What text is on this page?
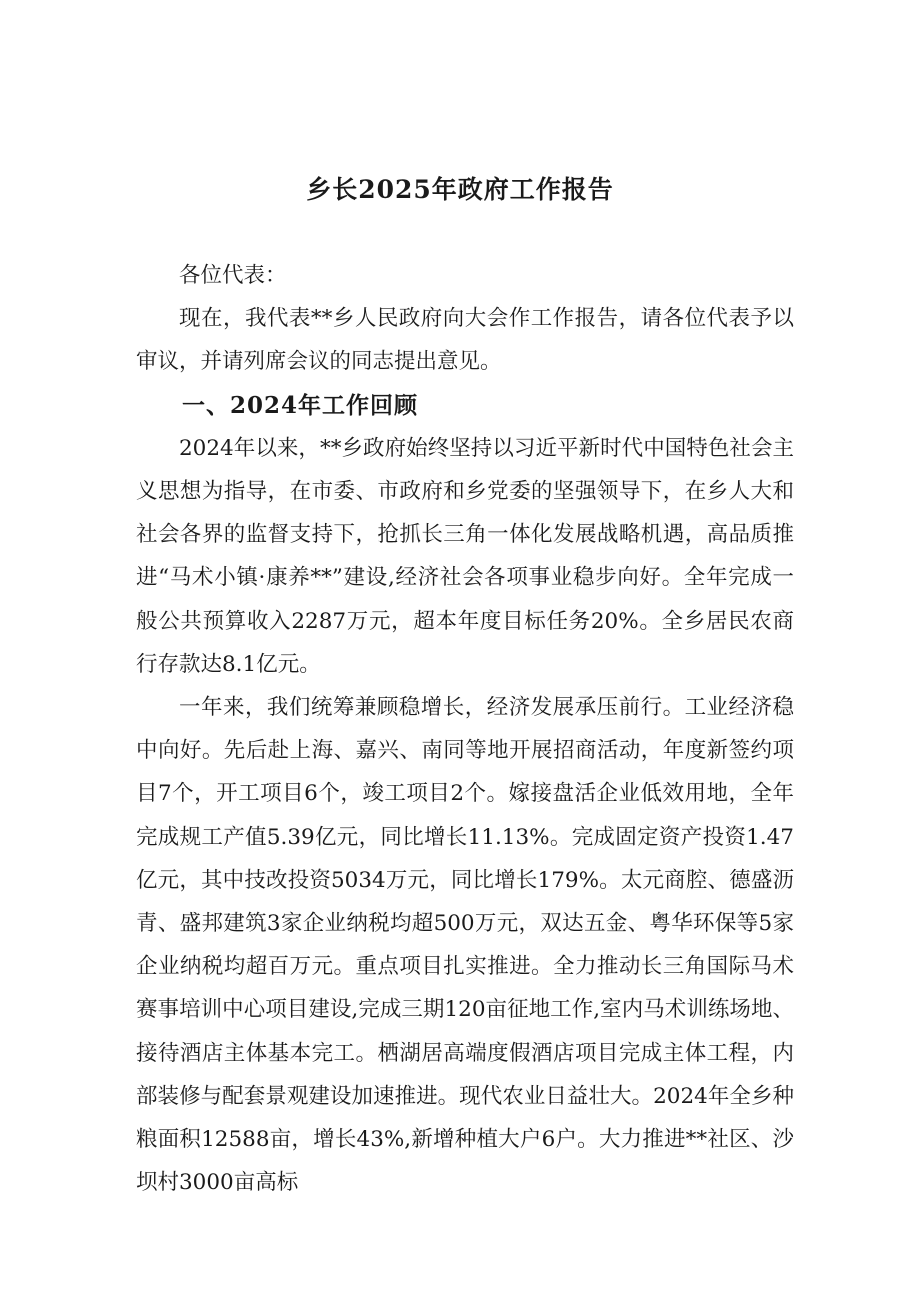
乡长2025年政府工作报告

各位代表：

现在，我代表**乡人民政府向大会作工作报告，请各位代表予以审议，并请列席会议的同志提出意见。

一、2024年工作回顾

2024年以来，**乡政府始终坚持以习近平新时代中国特色社会主义思想为指导，在市委、市政府和乡党委的坚强领导下，在乡人大和社会各界的监督支持下，抢抓长三角一体化发展战略机遇，高品质推进“马术小镇·康养**”建设,经济社会各项事业稳步向好。全年完成一般公共预算收入2287万元，超本年度目标任务20%。全乡居民农商行存款达8.1亿元。

一年来，我们统筹兼顾稳增长，经济发展承压前行。工业经济稳中向好。先后赴上海、嘉兴、南同等地开展招商活动，年度新签约项目7个，开工项目6个，竣工项目2个。嫁接盘活企业低效用地，全年完成规工产值5.39亿元，同比增长11.13%。完成固定资产投资1.47亿元，其中技改投资5034万元，同比增长179%。太元商腔、德盛沥青、盛邦建筑3家企业纳税均超500万元，双达五金、粤华环保等5家企业纳税均超百万元。重点项目扎实推进。全力推动长三角国际马术赛事培训中心项目建设,完成三期120亩征地工作,室内马术训练场地、接待酒店主体基本完工。栖湖居高端度假酒店项目完成主体工程，内部装修与配套景观建设加速推进。现代农业日益壮大。2024年全乡种粮面积12588亩，增长43%,新增种植大户6户。大力推进**社区、沙坝村3000亩高标
